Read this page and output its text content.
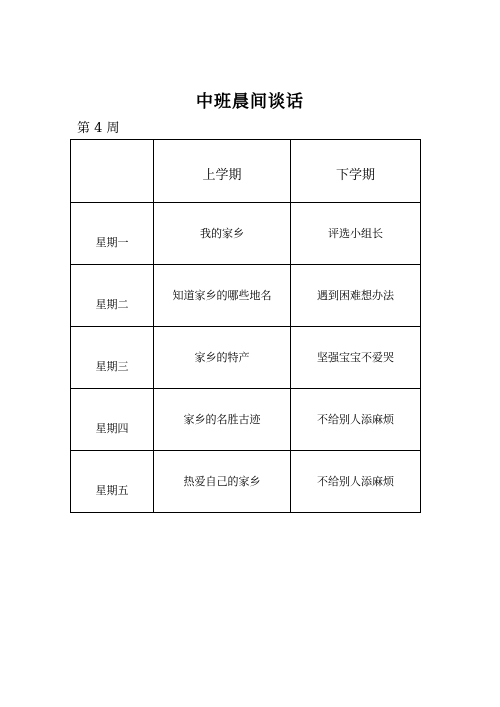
中班晨间谈话
第 4 周
	上学期	下学期
星期一	我的家乡	评选小组长
星期二	知道家乡的哪些地名	遇到困难想办法
星期三	家乡的特产	坚强宝宝不爱哭
星期四	家乡的名胜古迹	不给别人添麻烦
星期五	热爱自己的家乡	不给别人添麻烦
